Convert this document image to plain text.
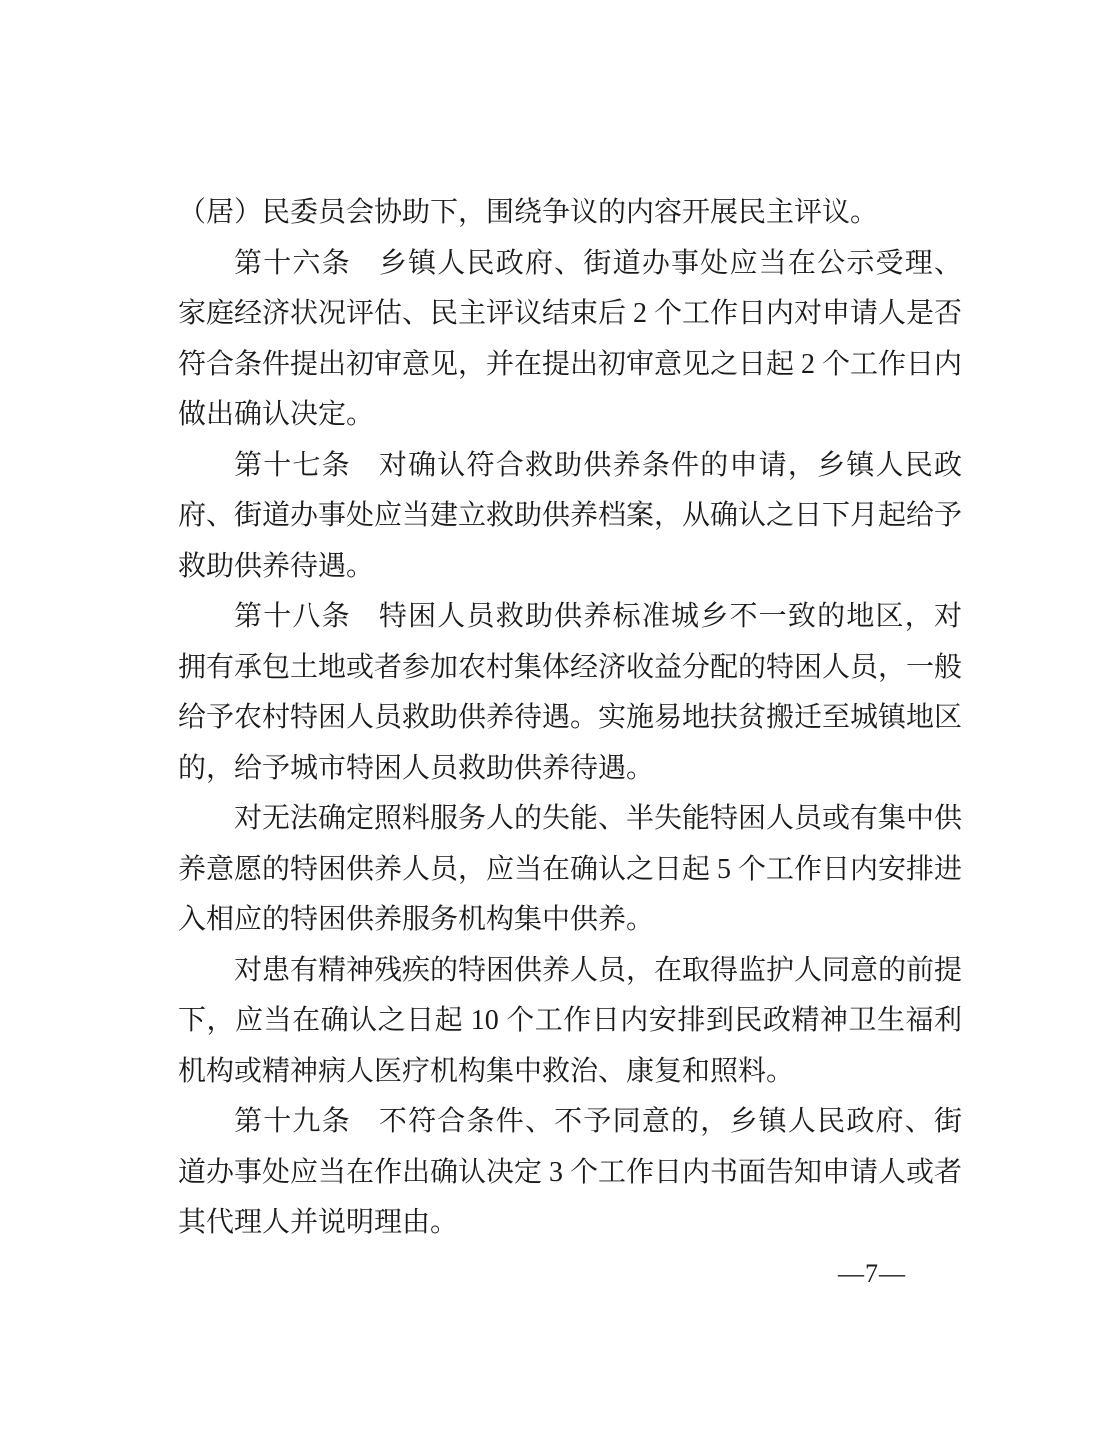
（居）民委员会协助下，围绕争议的内容开展民主评议。

第十六条 乡镇人民政府、街道办事处应当在公示受理、家庭经济状况评估、民主评议结束后 2 个工作日内对申请人是否符合条件提出初审意见，并在提出初审意见之日起 2 个工作日内做出确认决定。

第十七条 对确认符合救助供养条件的申请，乡镇人民政府、街道办事处应当建立救助供养档案，从确认之日下月起给予救助供养待遇。

第十八条 特困人员救助供养标准城乡不一致的地区，对拥有承包土地或者参加农村集体经济收益分配的特困人员，一般给予农村特困人员救助供养待遇。实施易地扶贫搬迁至城镇地区的，给予城市特困人员救助供养待遇。

对无法确定照料服务人的失能、半失能特困人员或有集中供养意愿的特困供养人员，应当在确认之日起 5 个工作日内安排进入相应的特困供养服务机构集中供养。

对患有精神残疾的特困供养人员，在取得监护人同意的前提下，应当在确认之日起 10 个工作日内安排到民政精神卫生福利机构或精神病人医疗机构集中救治、康复和照料。

第十九条 不符合条件、不予同意的，乡镇人民政府、街道办事处应当在作出确认决定 3 个工作日内书面告知申请人或者其代理人并说明理由。

—7—
